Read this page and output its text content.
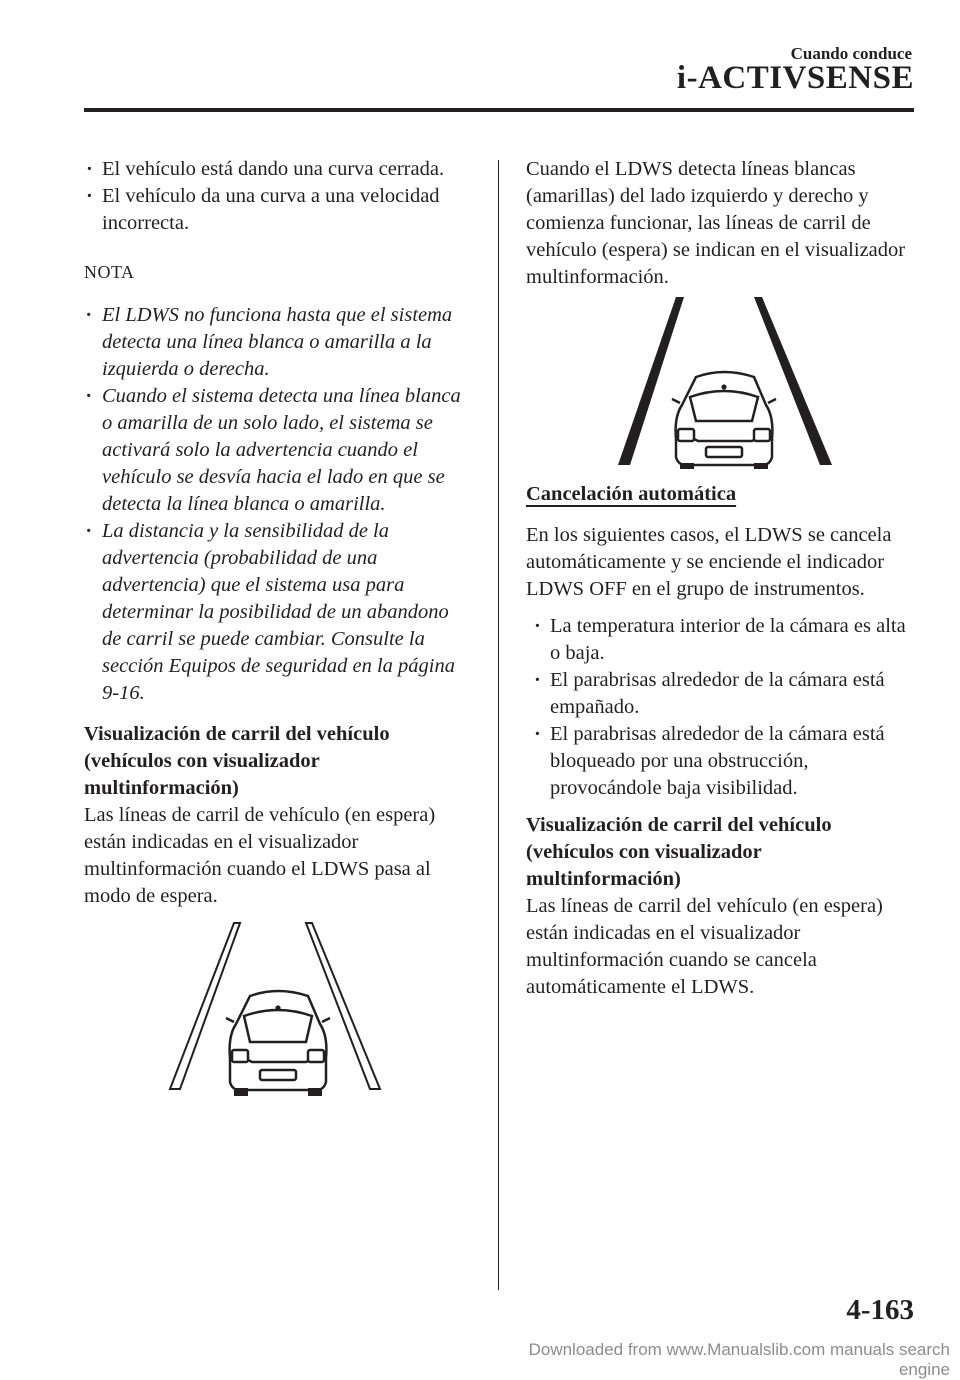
Cuando conduce
i-ACTIVSENSE
· El vehículo está dando una curva cerrada.
· El vehículo da una curva a una velocidad incorrecta.
NOTA
· El LDWS no funciona hasta que el sistema detecta una línea blanca o amarilla a la izquierda o derecha.
· Cuando el sistema detecta una línea blanca o amarilla de un solo lado, el sistema se activará solo la advertencia cuando el vehículo se desvía hacia el lado en que se detecta la línea blanca o amarilla.
· La distancia y la sensibilidad de la advertencia (probabilidad de una advertencia) que el sistema usa para determinar la posibilidad de un abandono de carril se puede cambiar. Consulte la sección Equipos de seguridad en la página 9-16.

Visualización de carril del vehículo (vehículos con visualizador multinformación)

Las líneas de carril de vehículo (en espera) están indicadas en el visualizador multinformación cuando el LDWS pasa al modo de espera.

Cuando el LDWS detecta líneas blancas (amarillas) del lado izquierdo y derecho y comienza funcionar, las líneas de carril de vehículo (espera) se indican en el visualizador multinformación.

Cancelación automática

En los siguientes casos, el LDWS se cancela automáticamente y se enciende el indicador LDWS OFF en el grupo de instrumentos.

· La temperatura interior de la cámara es alta o baja.
· El parabrisas alrededor de la cámara está empañado.
· El parabrisas alrededor de la cámara está bloqueado por una obstrucción, provocándole baja visibilidad.

Visualización de carril del vehículo (vehículos con visualizador multinformación)

Las líneas de carril del vehículo (en espera) están indicadas en el visualizador multinformación cuando se cancela automáticamente el LDWS.

4-163
Downloaded from www.Manualslib.com manuals search engine
